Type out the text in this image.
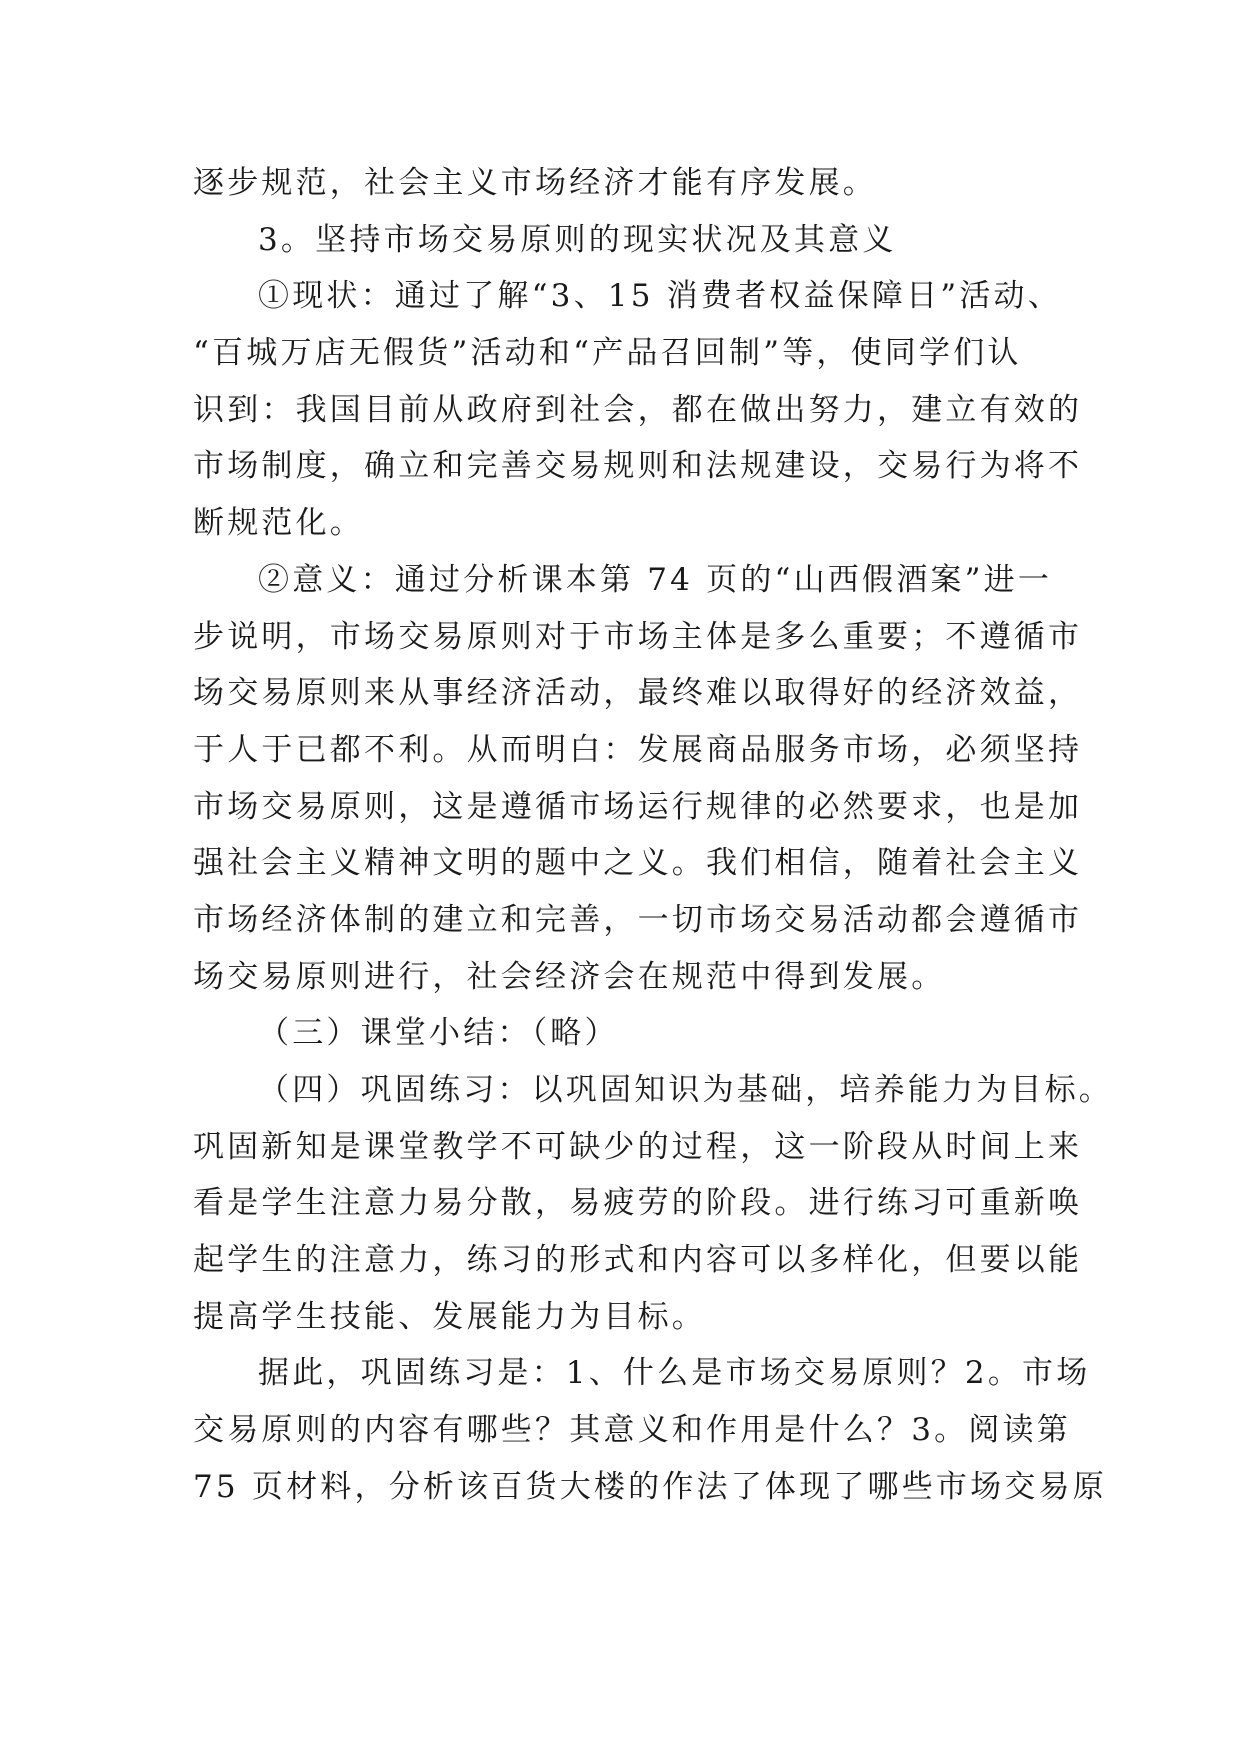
逐步规范，社会主义市场经济才能有序发展。
3。坚持市场交易原则的现实状况及其意义
①现状：通过了解“3、15 消费者权益保障日”活动、
“百城万店无假货”活动和“产品召回制”等，使同学们认
识到：我国目前从政府到社会，都在做出努力，建立有效的
市场制度，确立和完善交易规则和法规建设，交易行为将不
断规范化。
②意义：通过分析课本第 74 页的“山西假酒案”进一
步说明，市场交易原则对于市场主体是多么重要；不遵循市
场交易原则来从事经济活动，最终难以取得好的经济效益，
于人于已都不利。从而明白：发展商品服务市场，必须坚持
市场交易原则，这是遵循市场运行规律的必然要求，也是加
强社会主义精神文明的题中之义。我们相信，随着社会主义
市场经济体制的建立和完善，一切市场交易活动都会遵循市
场交易原则进行，社会经济会在规范中得到发展。
（三）课堂小结：（略）
（四）巩固练习：以巩固知识为基础，培养能力为目标。
巩固新知是课堂教学不可缺少的过程，这一阶段从时间上来
看是学生注意力易分散，易疲劳的阶段。进行练习可重新唤
起学生的注意力，练习的形式和内容可以多样化，但要以能
提高学生技能、发展能力为目标。
据此，巩固练习是：1、什么是市场交易原则？2。市场
交易原则的内容有哪些？其意义和作用是什么？3。阅读第
75 页材料，分析该百货大楼的作法了体现了哪些市场交易原
